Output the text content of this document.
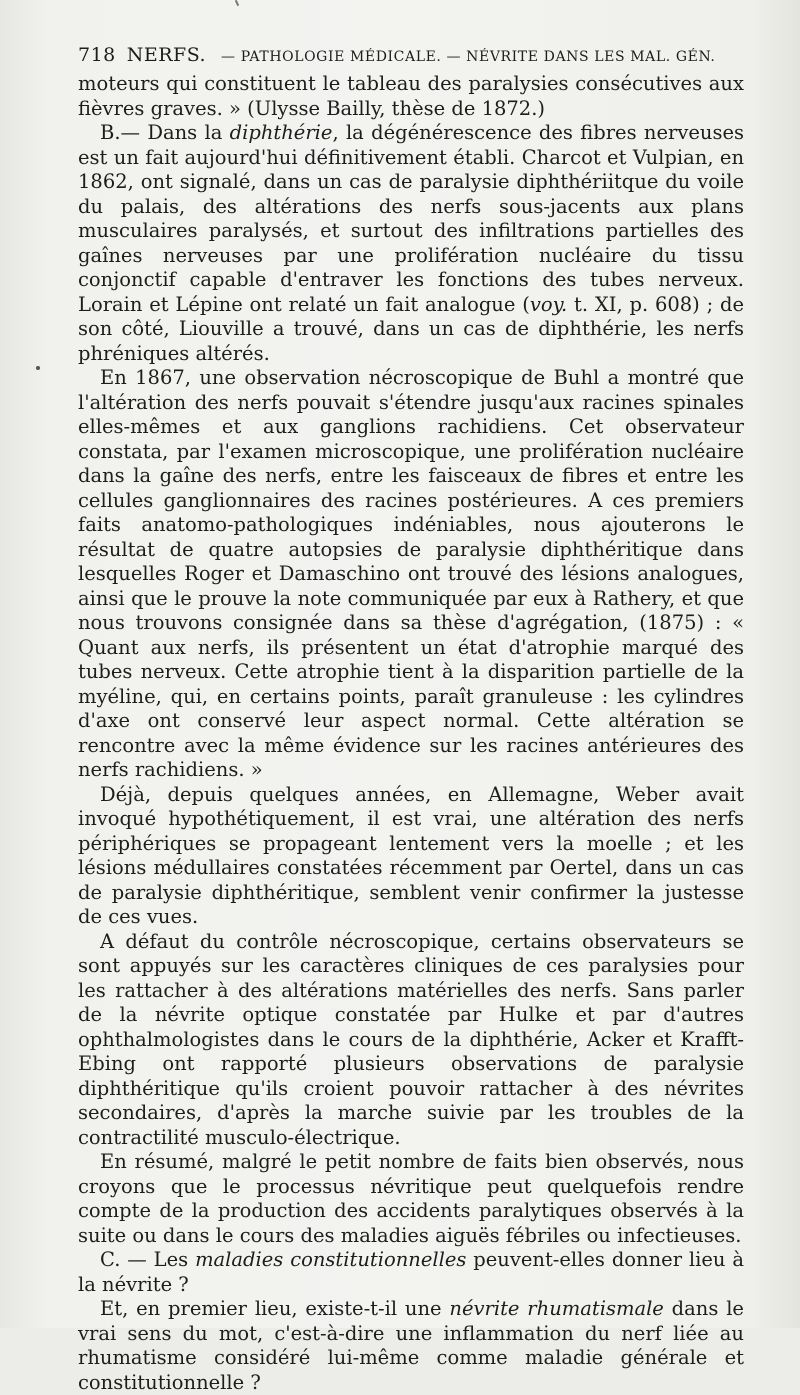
718 NERFS. — PATHOLOGIE MÉDICALE. — NÉVRITE DANS LES MAL. GÉN.

moteurs qui constituent le tableau des paralysies consécutives aux fièvres graves. » (Ulysse Bailly, thèse de 1872.)

B.— Dans la diphthérie, la dégénérescence des fibres nerveuses est un fait aujourd'hui définitivement établi. Charcot et Vulpian, en 1862, ont signalé, dans un cas de paralysie diphthériitque du voile du palais, des altérations des nerfs sous-jacents aux plans musculaires paralysés, et surtout des infiltrations partielles des gaînes nerveuses par une prolifération nucléaire du tissu conjonctif capable d'entraver les fonctions des tubes nerveux. Lorain et Lépine ont relaté un fait analogue (voy. t. XI, p. 608) ; de son côté, Liouville a trouvé, dans un cas de diphthérie, les nerfs phréniques altérés.

En 1867, une observation nécroscopique de Buhl a montré que l'altération des nerfs pouvait s'étendre jusqu'aux racines spinales elles-mêmes et aux ganglions rachidiens. Cet observateur constata, par l'examen microscopique, une prolifération nucléaire dans la gaîne des nerfs, entre les faisceaux de fibres et entre les cellules ganglionnaires des racines postérieures. A ces premiers faits anatomo-pathologiques indéniables, nous ajouterons le résultat de quatre autopsies de paralysie diphthéritique dans lesquelles Roger et Damaschino ont trouvé des lésions analogues, ainsi que le prouve la note communiquée par eux à Rathery, et que nous trouvons consignée dans sa thèse d'agrégation, (1875) : « Quant aux nerfs, ils présentent un état d'atrophie marqué des tubes nerveux. Cette atrophie tient à la disparition partielle de la myéline, qui, en certains points, paraît granuleuse : les cylindres d'axe ont conservé leur aspect normal. Cette altération se rencontre avec la même évidence sur les racines antérieures des nerfs rachidiens. »

Déjà, depuis quelques années, en Allemagne, Weber avait invoqué hypothétiquement, il est vrai, une altération des nerfs périphériques se propageant lentement vers la moelle ; et les lésions médullaires constatées récemment par Oertel, dans un cas de paralysie diphthéritique, semblent venir confirmer la justesse de ces vues.

A défaut du contrôle nécroscopique, certains observateurs se sont appuyés sur les caractères cliniques de ces paralysies pour les rattacher à des altérations matérielles des nerfs. Sans parler de la névrite optique constatée par Hulke et par d'autres ophthalmologistes dans le cours de la diphthérie, Acker et Krafft-Ebing ont rapporté plusieurs observations de paralysie diphthéritique qu'ils croient pouvoir rattacher à des névrites secondaires, d'après la marche suivie par les troubles de la contractilité musculo-électrique.

En résumé, malgré le petit nombre de faits bien observés, nous croyons que le processus névritique peut quelquefois rendre compte de la production des accidents paralytiques observés à la suite ou dans le cours des maladies aiguës fébriles ou infectieuses.

C. — Les maladies constitutionnelles peuvent-elles donner lieu à la névrite ?

Et, en premier lieu, existe-t-il une névrite rhumatismale dans le vrai sens du mot, c'est-à-dire une inflammation du nerf liée au rhumatisme considéré lui-même comme maladie générale et constitutionnelle ?
